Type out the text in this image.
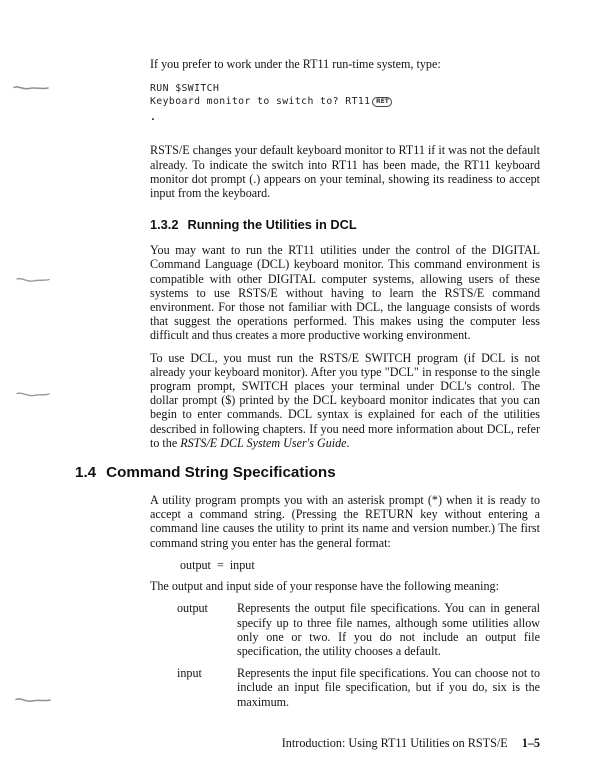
If you prefer to work under the RT11 run-time system, type:

RUN $SWITCH
Keyboard monitor to switch to? RT11 RET
.

RSTS/E changes your default keyboard monitor to RT11 if it was not the default already. To indicate the switch into RT11 has been made, the RT11 keyboard monitor dot prompt (.) appears on your teminal, showing its readiness to accept input from the keyboard.

1.3.2 Running the Utilities in DCL

You may want to run the RT11 utilities under the control of the DIGITAL Command Language (DCL) keyboard monitor. This command environment is compatible with other DIGITAL computer systems, allowing users of these systems to use RSTS/E without having to learn the RSTS/E command environment. For those not familiar with DCL, the language consists of words that suggest the operations performed. This makes using the computer less difficult and thus creates a more productive working environment.

To use DCL, you must run the RSTS/E SWITCH program (if DCL is not already your keyboard monitor). After you type "DCL" in response to the single program prompt, SWITCH places your terminal under DCL's control. The dollar prompt ($) printed by the DCL keyboard monitor indicates that you can begin to enter commands. DCL syntax is explained for each of the utilities described in following chapters. If you need more information about DCL, refer to the RSTS/E DCL System User's Guide.

1.4 Command String Specifications

A utility program prompts you with an asterisk prompt (*) when it is ready to accept a command string. (Pressing the RETURN key without entering a command line causes the utility to print its name and version number.) The first command string you enter has the general format:

output  =  input

The output and input side of your response have the following meaning:

output	Represents the output file specifications. You can in general specify up to three file names, although some utilities allow only one or two. If you do not include an output file specification, the utility chooses a default.
input	Represents the input file specifications. You can choose not to include an input file specification, but if you do, six is the maximum.
Introduction: Using RT11 Utilities on RSTS/E 1–5
